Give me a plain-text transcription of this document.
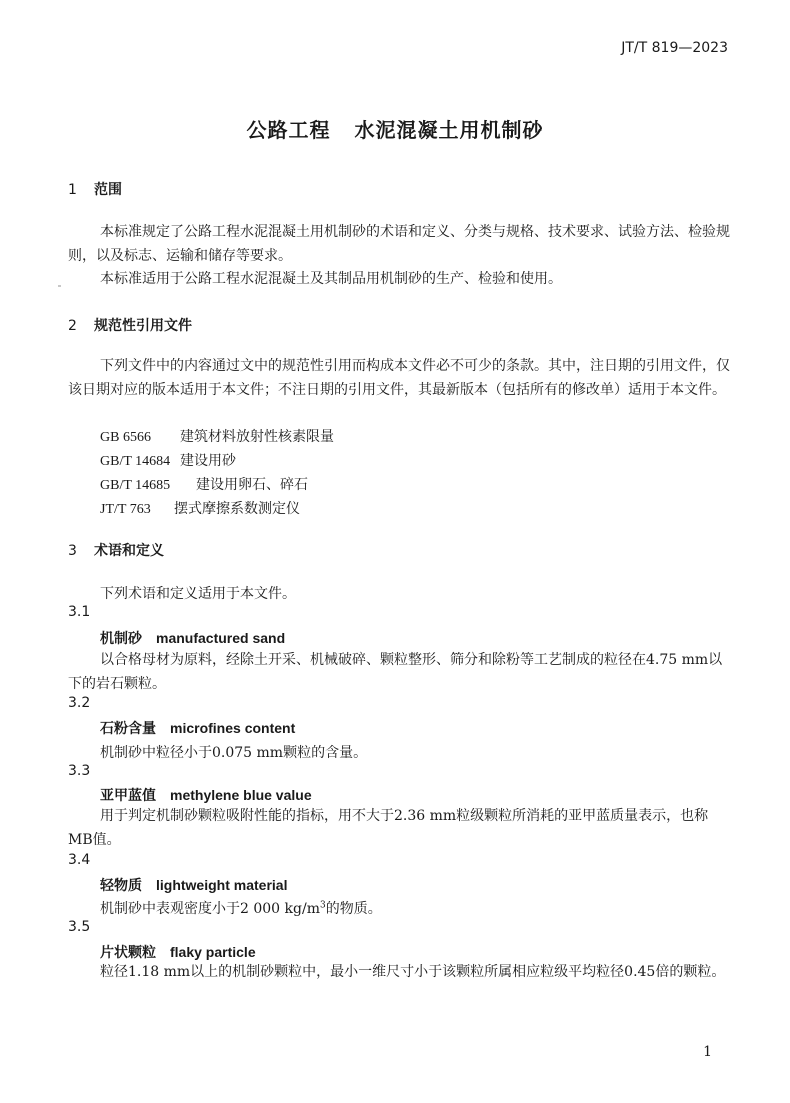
JT/T 819—2023
公路工程 水泥混凝土用机制砂
1 范围
本标准规定了公路工程水泥混凝土用机制砂的术语和定义、分类与规格、技术要求、试验方法、检验规则，以及标志、运输和储存等要求。
本标准适用于公路工程水泥混凝土及其制品用机制砂的生产、检验和使用。
2 规范性引用文件
下列文件中的内容通过文中的规范性引用而构成本文件必不可少的条款。其中，注日期的引用文件，仅该日期对应的版本适用于本文件；不注日期的引用文件，其最新版本（包括所有的修改单）适用于本文件。
GB 6566 建筑材料放射性核素限量
GB/T 14684 建设用砂
GB/T 14685 建设用卵石、碎石
JT/T 763 摆式摩擦系数测定仪
3 术语和定义
下列术语和定义适用于本文件。
3.1
机制砂 manufactured sand
以合格母材为原料，经除土开采、机械破碎、颗粒整形、筛分和除粉等工艺制成的粒径在4.75 mm以下的岩石颗粒。
3.2
石粉含量 microfines content
机制砂中粒径小于0.075 mm颗粒的含量。
3.3
亚甲蓝值 methylene blue value
用于判定机制砂颗粒吸附性能的指标，用不大于2.36 mm粒级颗粒所消耗的亚甲蓝质量表示，也称MB值。
3.4
轻物质 lightweight material
机制砂中表观密度小于2 000 $kg/m^3$的物质。
3.5
片状颗粒 flaky particle
粒径1.18 mm以上的机制砂颗粒中，最小一维尺寸小于该颗粒所属相应粒级平均粒径0.45倍的颗粒。
1
